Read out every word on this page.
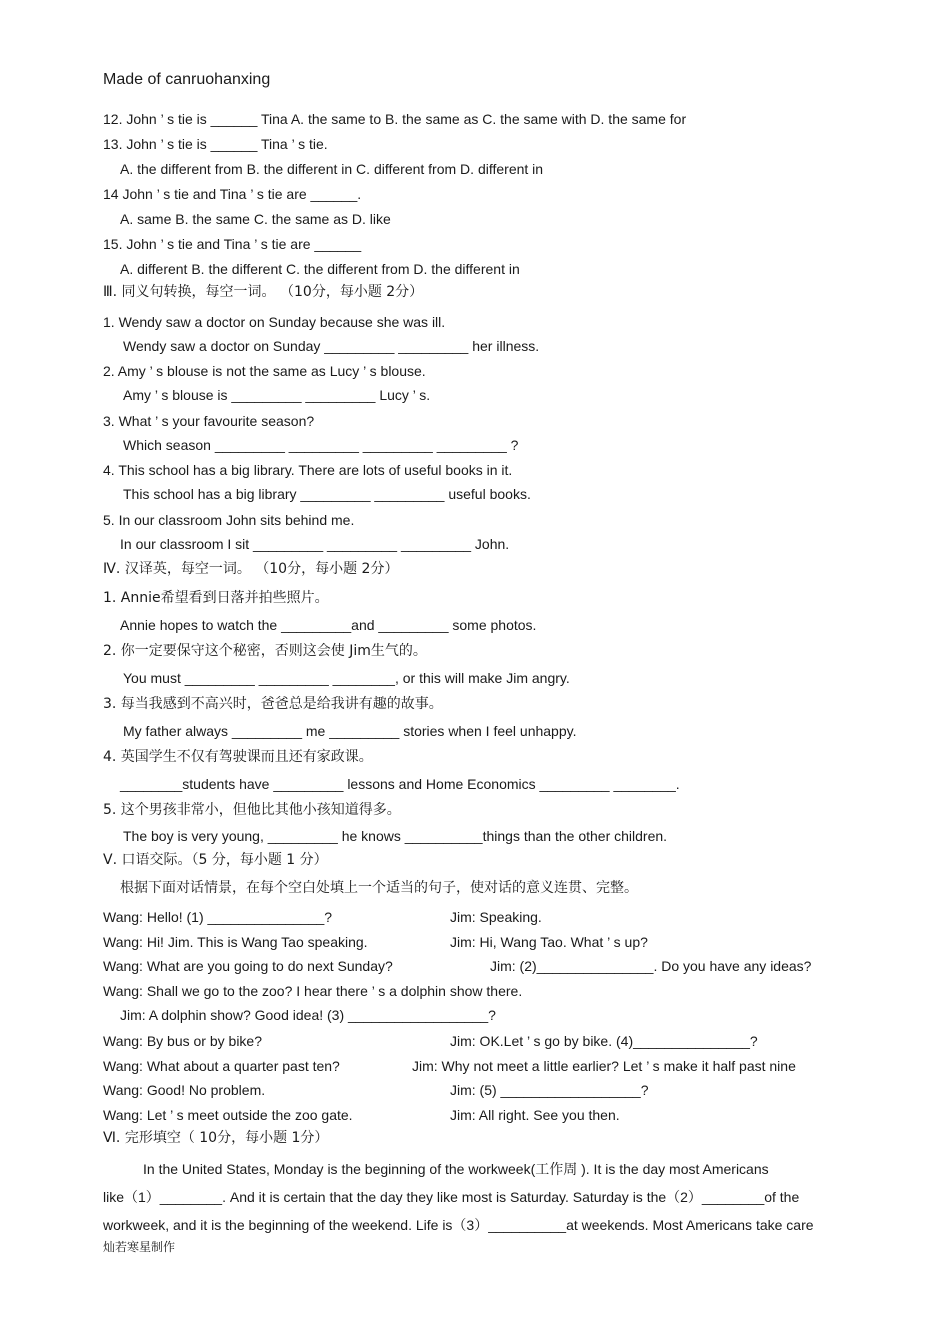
Made of canruohanxing
12. John ’ s tie is ______ Tina A. the same to B. the same as C. the same with D. the same for
13. John ’ s tie is ______ Tina ’ s tie.
A. the different from B. the different in C. different from D. different in
14 John ’ s tie and Tina ’ s tie are ______.
A. same B. the same C. the same as D. like
15. John ’ s tie and Tina ’ s tie are ______
A. different B. the different C. the different from D. the different in
Ⅲ. 同义句转换，每空一词。 （10分，每小题 2分）
1. Wendy saw a doctor on Sunday because she was ill.
Wendy saw a doctor on Sunday _________ _________ her illness.
2. Amy ’ s blouse is not the same as Lucy ’ s blouse.
Amy ’ s blouse is _________ _________ Lucy ’ s.
3. What ’ s your favourite season?
Which season _________ _________ _________ _________ ?
4. This school has a big library. There are lots of useful books in it.
This school has a big library _________ _________ useful books.
5. In our classroom John sits behind me.
In our classroom I sit _________ _________ _________ John.
Ⅳ. 汉译英，每空一词。 （10分，每小题 2分）
1. Annie希望看到日落并拍些照片。
Annie hopes to watch the _________and _________ some photos.
2. 你一定要保守这个秘密，否则这会使 Jim生气的。
You must _________ _________ ________, or this will make Jim angry.
3. 每当我感到不高兴时，爸爸总是给我讲有趣的故事。
My father always _________ me _________ stories when I feel unhappy.
4. 英国学生不仅有驾驶课而且还有家政课。
________students have _________ lessons and Home Economics _________ ________.
5. 这个男孩非常小，但他比其他小孩知道得多。
The boy is very young, _________ he knows __________things than the other children.
Ⅴ. 口语交际。（5 分，每小题 1 分）
根据下面对话情景，在每个空白处填上一个适当的句子，使对话的意义连贯、完整。
Wang: Hello! (1) _______________?	Jim: Speaking.
Wang: Hi! Jim. This is Wang Tao speaking.	Jim: Hi, Wang Tao. What ’ s up?
Wang: What are you going to do next Sunday?	Jim: (2)_______________. Do you have any ideas?
Wang: Shall we go to the zoo? I hear there ’ s a dolphin show there.
Jim: A dolphin show? Good idea! (3) __________________?
Wang: By bus or by bike?	Jim: OK.Let ’ s go by bike. (4)_______________?
Wang: What about a quarter past ten?	Jim: Why not meet a little earlier? Let ’ s make it half past nine
Wang: Good! No problem.	Jim: (5) __________________?
Wang: Let ’ s meet outside the zoo gate.	Jim: All right. See you then.
Ⅵ. 完形填空（ 10分，每小题 1分）
In the United States, Monday is the beginning of the workweek(工作周 ). It is the day most Americans
like（1）________. And it is certain that the day they like most is Saturday. Saturday is the（2）________of the
workweek, and it is the beginning of the weekend. Life is（3）__________at weekends. Most Americans take care
灿若寒星制作
